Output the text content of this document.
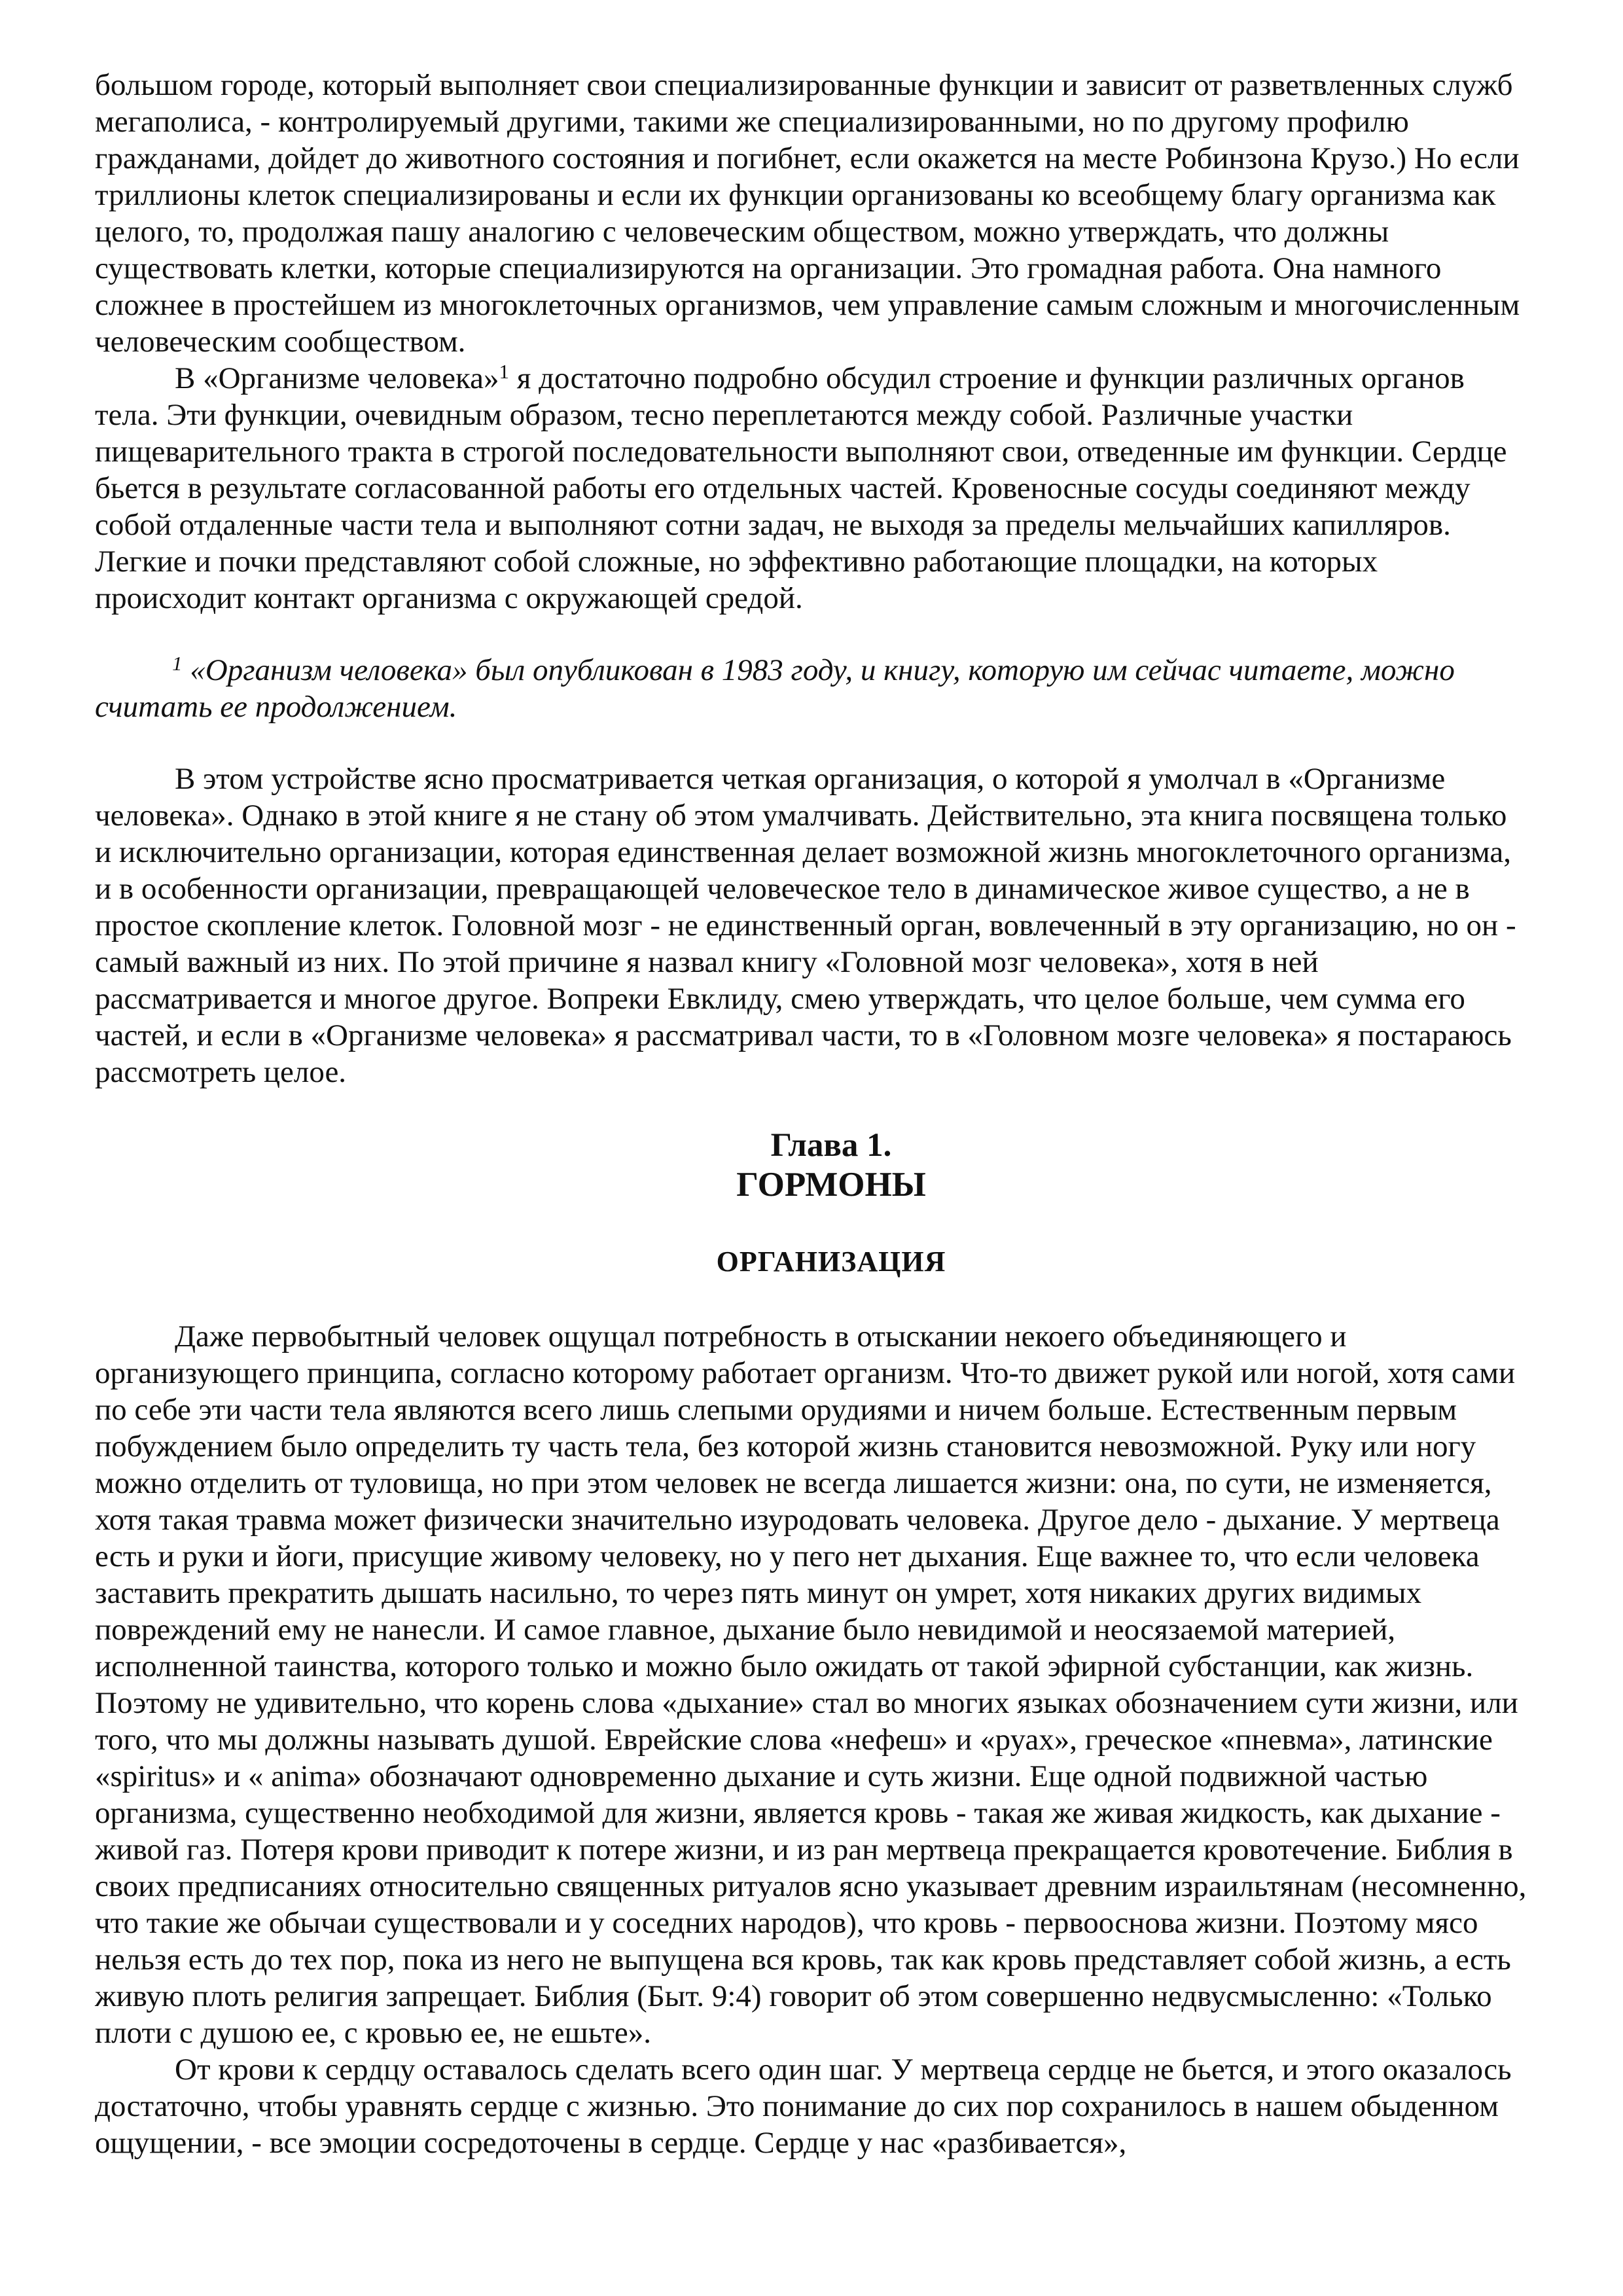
большом городе, который выполняет свои специализированные функции и зависит от разветвленных служб мегаполиса, - контролируемый другими, такими же специализированными, но по другому профилю гражданами, дойдет до животного состояния и погибнет, если окажется на месте Робинзона Крузо.) Но если триллионы клеток специализированы и если их функции организованы ко всеобщему благу организма как целого, то, продолжая пашу аналогию с человеческим обществом, можно утверждать, что должны существовать клетки, которые специализируются на организации. Это громадная работа. Она намного сложнее в простейшем из многоклеточных организмов, чем управление самым сложным и многочисленным человеческим сообществом.

В «Организме человека»$^1$ я достаточно подробно обсудил строение и функции различных органов тела. Эти функции, очевидным образом, тесно переплетаются между собой. Различные участки пищеварительного тракта в строгой последовательности выполняют свои, отведенные им функции. Сердце бьется в результате согласованной работы его отдельных частей. Кровеносные сосуды соединяют между собой отдаленные части тела и выполняют сотни задач, не выходя за пределы мельчайших капилляров. Легкие и почки представляют собой сложные, но эффективно работающие площадки, на которых происходит контакт организма с окружающей средой.

$^1$ «Организм человека» был опубликован в 1983 году, и книгу, которую им сейчас читаете, можно считать ее продолжением.

В этом устройстве ясно просматривается четкая организация, о которой я умолчал в «Организме человека». Однако в этой книге я не стану об этом умалчивать. Действительно, эта книга посвящена только и исключительно организации, которая единственная делает возможной жизнь многоклеточного организма, и в особенности организации, превращающей человеческое тело в динамическое живое существо, а не в простое скопление клеток. Головной мозг - не единственный орган, вовлеченный в эту организацию, но он - самый важный из них. По этой причине я назвал книгу «Головной мозг человека», хотя в ней рассматривается и многое другое. Вопреки Евклиду, смею утверждать, что целое больше, чем сумма его частей, и если в «Организме человека» я рассматривал части, то в «Головном мозге человека» я постараюсь рассмотреть целое.

Глава 1.
ГОРМОНЫ

ОРГАНИЗАЦИЯ

Даже первобытный человек ощущал потребность в отыскании некоего объединяющего и организующего принципа, согласно которому работает организм. Что-то движет рукой или ногой, хотя сами по себе эти части тела являются всего лишь слепыми орудиями и ничем больше. Естественным первым побуждением было определить ту часть тела, без которой жизнь становится невозможной. Руку или ногу можно отделить от туловища, но при этом человек не всегда лишается жизни: она, по сути, не изменяется, хотя такая травма может физически значительно изуродовать человека. Другое дело - дыхание. У мертвеца есть и руки и йоги, присущие живому человеку, но у пего нет дыхания. Еще важнее то, что если человека заставить прекратить дышать насильно, то через пять минут он умрет, хотя никаких других видимых повреждений ему не нанесли. И самое главное, дыхание было невидимой и неосязаемой материей, исполненной таинства, которого только и можно было ожидать от такой эфирной субстанции, как жизнь. Поэтому не удивительно, что корень слова «дыхание» стал во многих языках обозначением сути жизни, или того, что мы должны называть душой. Еврейские слова «нефеш» и «руах», греческое «пневма», латинские «spiritus» и « anima» обозначают одновременно дыхание и суть жизни. Еще одной подвижной частью организма, существенно необходимой для жизни, является кровь - такая же живая жидкость, как дыхание - живой газ. Потеря крови приводит к потере жизни, и из ран мертвеца прекращается кровотечение. Библия в своих предписаниях относительно священных ритуалов ясно указывает древним израильтянам (несомненно, что такие же обычаи существовали и у соседних народов), что кровь - первооснова жизни. Поэтому мясо нельзя есть до тех пор, пока из него не выпущена вся кровь, так как кровь представляет собой жизнь, а есть живую плоть религия запрещает. Библия (Быт. 9:4) говорит об этом совершенно недвусмысленно: «Только плоти с душою ее, с кровью ее, не ешьте».

От крови к сердцу оставалось сделать всего один шаг. У мертвеца сердце не бьется, и этого оказалось достаточно, чтобы уравнять сердце с жизнью. Это понимание до сих пор сохранилось в нашем обыденном ощущении, - все эмоции сосредоточены в сердце. Сердце у нас «разбивается»,
